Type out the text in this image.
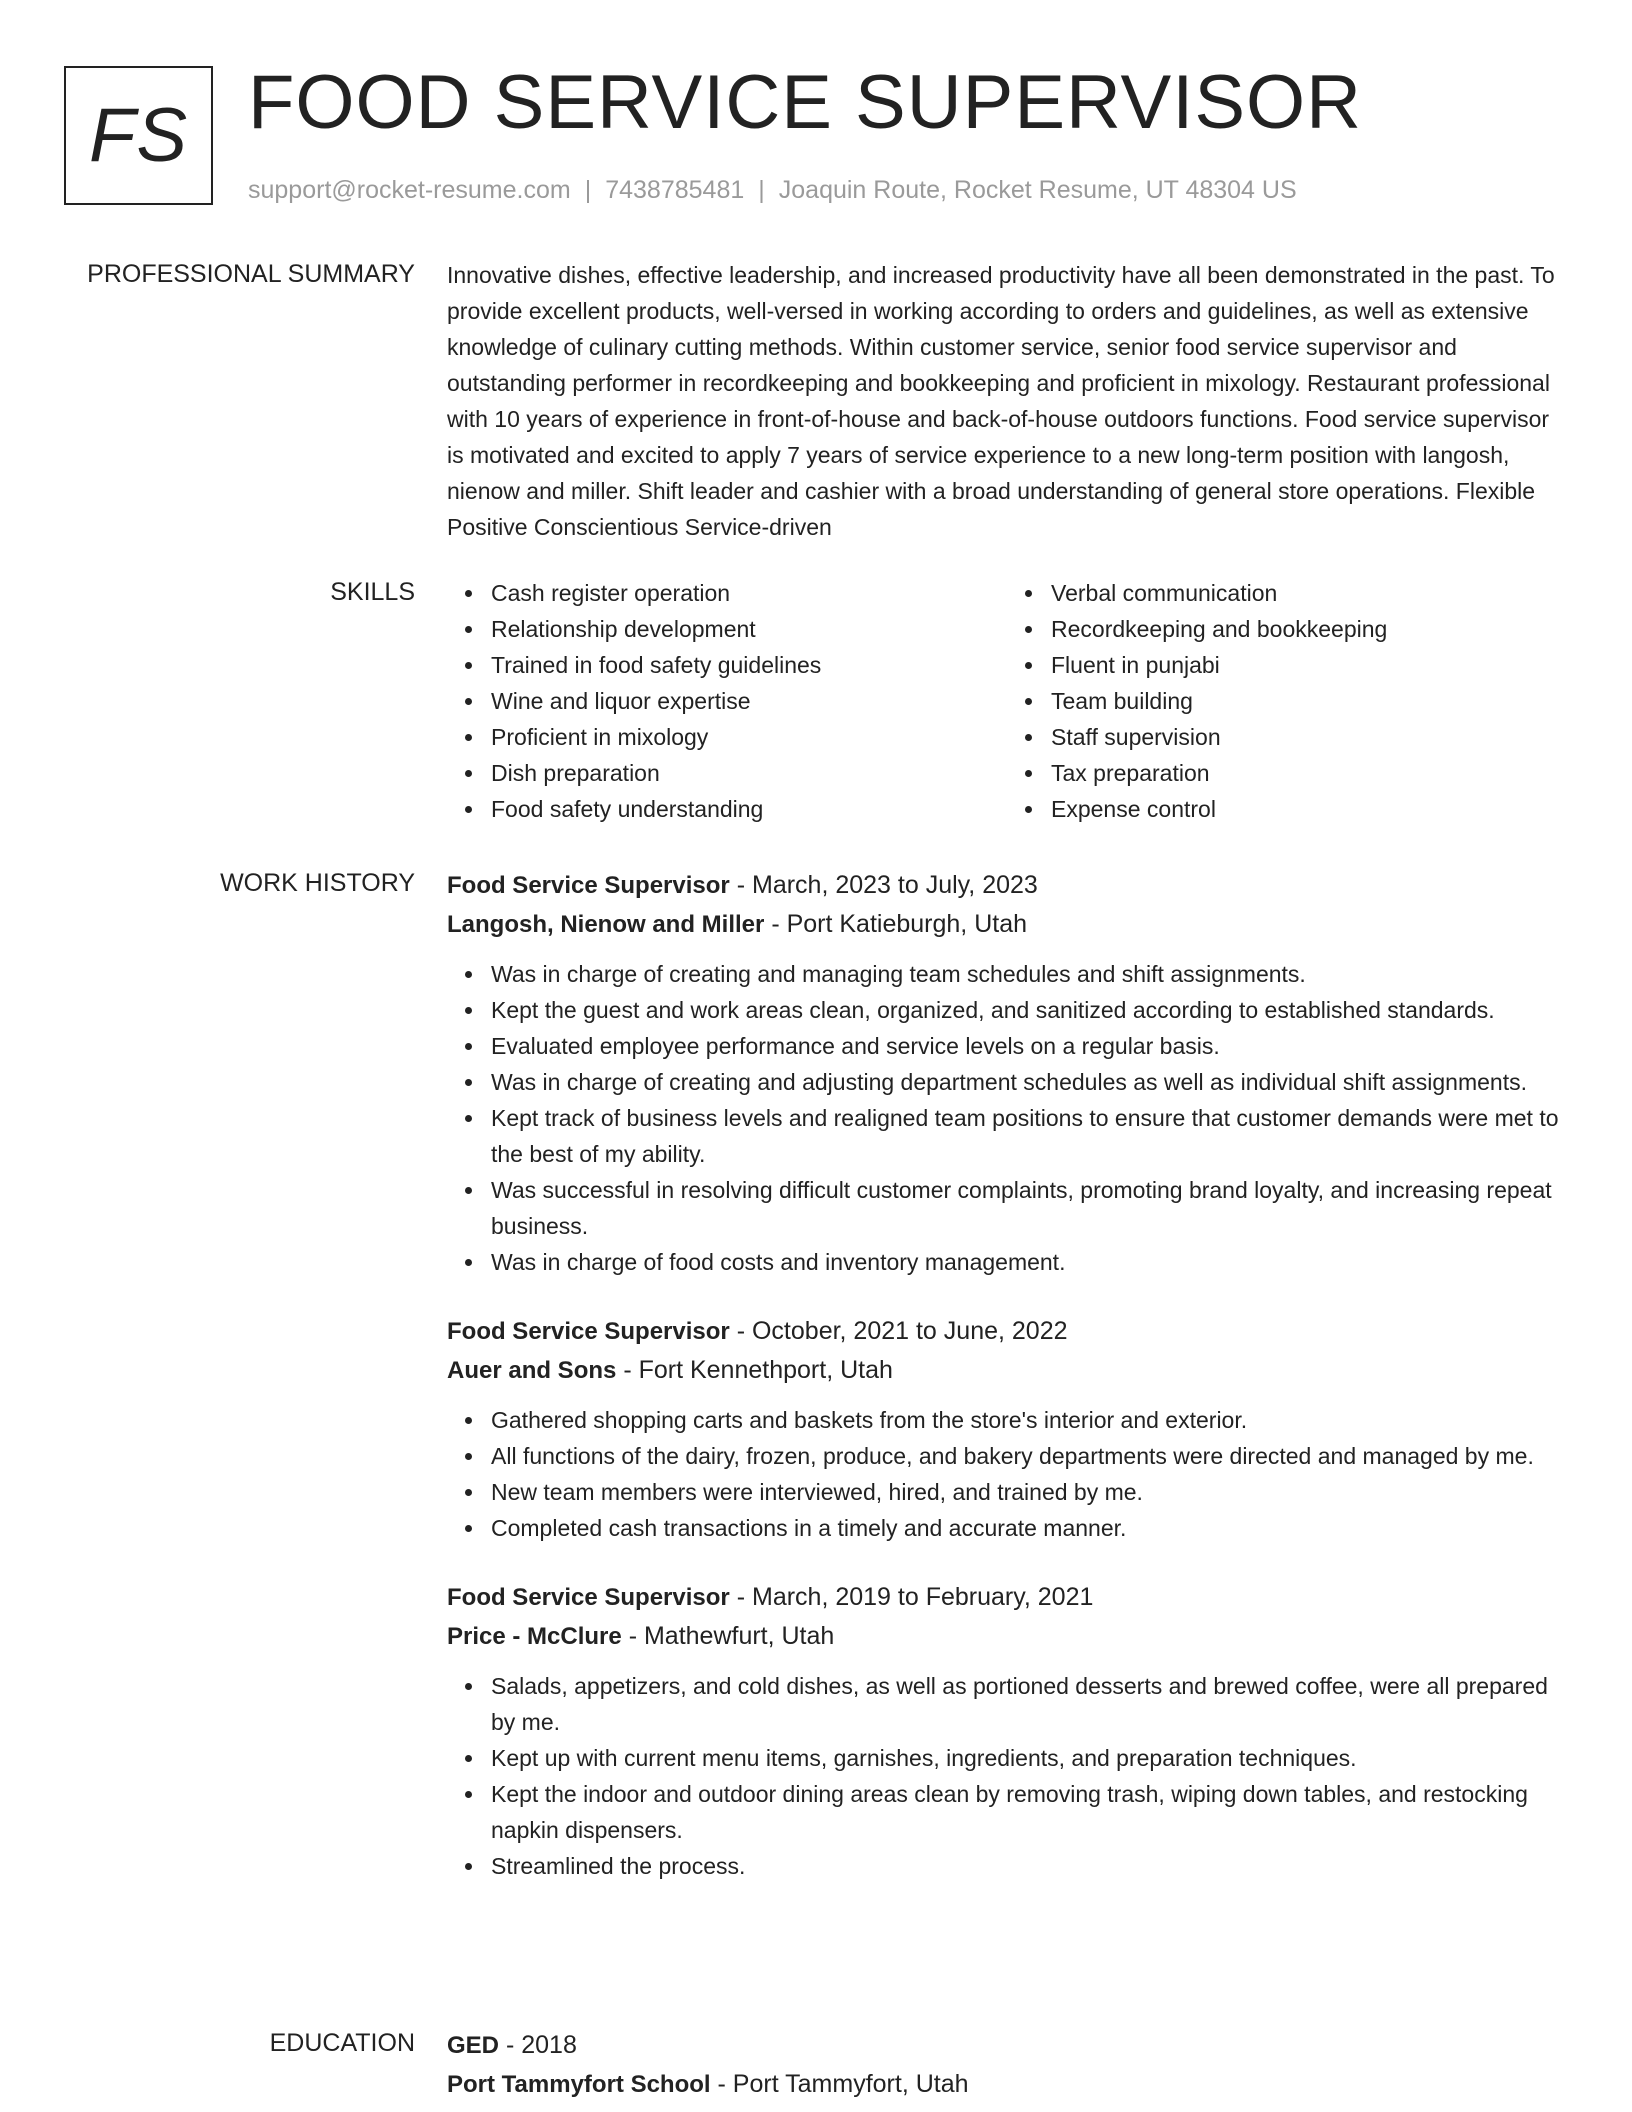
FS FOOD SERVICE SUPERVISOR
support@rocket-resume.com | 7438785481 | Joaquin Route, Rocket Resume, UT 48304 US
PROFESSIONAL SUMMARY Innovative dishes, effective leadership, and increased productivity have all been demonstrated in the past. To provide excellent products, well-versed in working according to orders and guidelines, as well as extensive knowledge of culinary cutting methods. Within customer service, senior food service supervisor and outstanding performer in recordkeeping and bookkeeping and proficient in mixology. Restaurant professional with 10 years of experience in front-of-house and back-of-house outdoors functions. Food service supervisor is motivated and excited to apply 7 years of service experience to a new long-term position with langosh, nienow and miller. Shift leader and cashier with a broad understanding of general store operations. Flexible Positive Conscientious Service-driven

SKILLS	Cash register operation
Relationship development
Trained in food safety guidelines
Wine and liquor expertise
Proficient in mixology
Dish preparation
Food safety understanding
Verbal communication
Recordkeeping and bookkeeping
Fluent in punjabi
Team building
Staff supervision
Tax preparation
Expense control
WORK HISTORY Food Service Supervisor - March, 2023 to July, 2023
Langosh, Nienow and Miller - Port Katieburgh, Utah
Was in charge of creating and managing team schedules and shift assignments.
Kept the guest and work areas clean, organized, and sanitized according to established standards.
Evaluated employee performance and service levels on a regular basis.
Was in charge of creating and adjusting department schedules as well as individual shift assignments.
Kept track of business levels and realigned team positions to ensure that customer demands were met to the best of my ability.
Was successful in resolving difficult customer complaints, promoting brand loyalty, and increasing repeat business.
Was in charge of food costs and inventory management.
Food Service Supervisor - October, 2021 to June, 2022
Auer and Sons - Fort Kennethport, Utah
Gathered shopping carts and baskets from the store's interior and exterior.
All functions of the dairy, frozen, produce, and bakery departments were directed and managed by me.
New team members were interviewed, hired, and trained by me.
Completed cash transactions in a timely and accurate manner.
Food Service Supervisor - March, 2019 to February, 2021
Price - McClure - Mathewfurt, Utah
Salads, appetizers, and cold dishes, as well as portioned desserts and brewed coffee, were all prepared by me.
Kept up with current menu items, garnishes, ingredients, and preparation techniques.
Kept the indoor and outdoor dining areas clean by removing trash, wiping down tables, and restocking napkin dispensers.
Streamlined the process.
EDUCATION GED - 2018
Port Tammyfort School - Port Tammyfort, Utah
